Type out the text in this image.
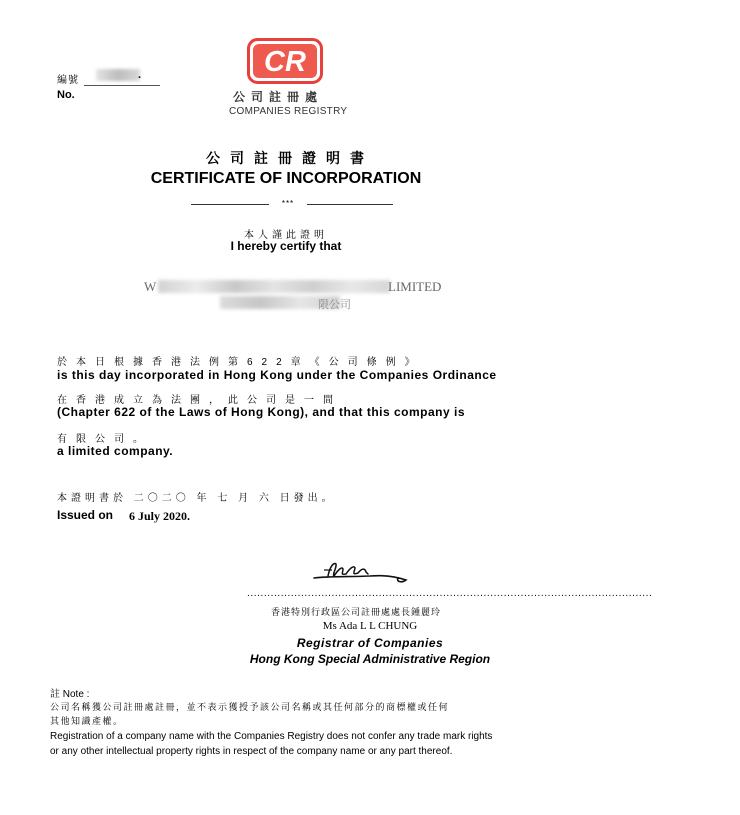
編號	.
No.
CR
公司註冊處
COMPANIES REGISTRY
公司註冊證明書
CERTIFICATE OF INCORPORATION
***
本人謹此證明
I hereby certify that
W	LIMITED
限公司
於本日根據香港法例第622章《公司條例》
is this day incorporated in Hong Kong under the Companies Ordinance
在香港成立為法團，此公司是一間
(Chapter 622 of the Laws of Hong Kong), and that this company is
有限公司。
a limited company.
本證明書於 二〇二〇 年 七 月 六 日發出。
Issued on 6 July 2020.
........................................................................................................................
香港特別行政區公司註冊處處長鍾麗玲
Ms Ada L L CHUNG
Registrar of Companies
Hong Kong Special Administrative Region
註 Note :
公司名稱獲公司註冊處註冊，並不表示獲授予該公司名稱或其任何部分的商標權或任何
其他知識產權。
Registration of a company name with the Companies Registry does not confer any trade mark rights
or any other intellectual property rights in respect of the company name or any part thereof.
